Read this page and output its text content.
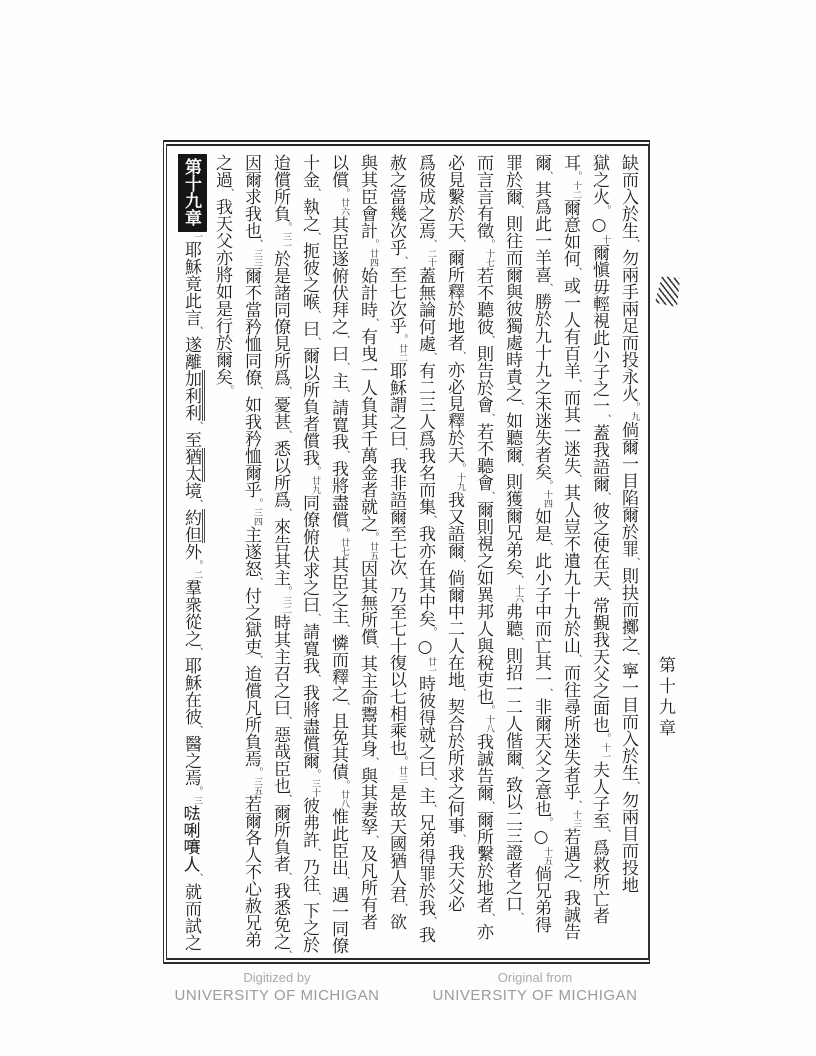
缺而入於生、勿兩手兩足而投永火。九倘爾一目陷爾於罪、則抉而擲之、寧一目而入於生、勿兩目而投地
獄之火。○十爾愼毋輕視此小子之一、蓋我語爾、彼之使在天、常覲我天父之面也。十一夫人子至、爲救所亡者
耳。十二爾意如何、或一人有百羊、而其一迷失、其人豈不遺九十九於山、而往尋所迷失者乎、十三若遇之、我誠告
爾、其爲此一羊喜、勝於九十九之未迷失者矣。十四如是、此小子中而亡其一、非爾天父之意也。○十五倘兄弟得
罪於爾、則往而爾與彼獨處時責之、如聽爾、則獲爾兄弟矣、十六弗聽、則招一二人偕爾、致以二三證者之口、
而言言有徵。十七若不聽彼、則告於會、若不聽會、爾則視之如異邦人與稅吏也。十八我誠告爾、爾所繫於地者、亦
必見繫於天、爾所釋於地者、亦必見釋於天。十九我又語爾、倘爾中二人在地、契合於所求之何事、我天父必
爲彼成之焉、二十蓋無論何處、有二三人爲我名而集、我亦在其中矣。○廿一時彼得就之曰、主、兄弟得罪於我、我
赦之當幾次乎、至七次乎。廿二耶穌謂之曰、我非語爾至七次、乃至七十復以七相乘也。廿三是故天國猶人君、欲
與其臣會計。廿四始計時、有曳一人負其千萬金者就之。廿五因其無所償、其主命鬻其身、與其妻孥、及凡所有者
以償。廿六其臣遂俯伏拜之、曰、主、請寬我、我將盡償。廿七其臣之主、憐而釋之、且免其債。廿八惟此臣出、遇一同僚
十金、執之、扼彼之喉、曰、爾以所負者償我。廿九同僚俯伏求之曰、請寬我、我將盡償爾。三十彼弗許、乃往、下之於
迨償所負。三一於是諸同僚見所爲、憂甚、悉以所爲、來告其主。三二時其主召之曰、惡哉臣也、爾所負者、我悉免之、
因爾求我也、三三爾不當矜恤同僚、如我矜恤爾乎。三四主遂怒、付之獄吏、迨償凡所負焉。三五若爾各人不心赦兄弟
之過、我天父亦將如是行於爾矣。
第十九章一耶穌竟此言、遂離加利利、至猶太境、約但外。二羣衆從之、耶穌在彼、醫之焉。三𠵽唎㘔人、就而試之
第十九章
Digitized by
UNIVERSITY OF MICHIGAN
Original from
UNIVERSITY OF MICHIGAN
